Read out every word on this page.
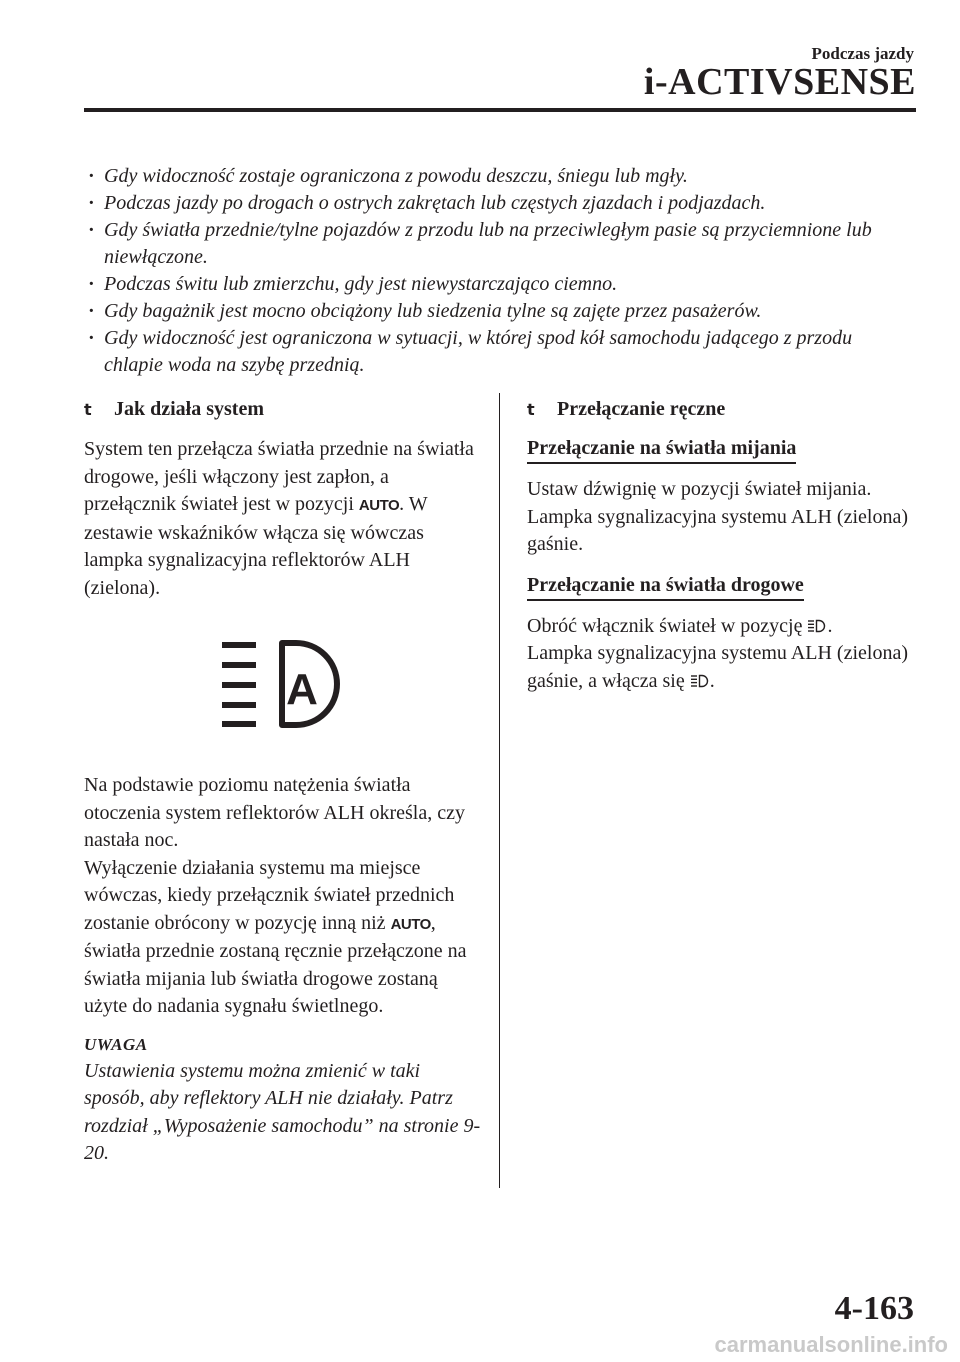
Podczas jazdy
i-ACTIVSENSE
· Gdy widoczność zostaje ograniczona z powodu deszczu, śniegu lub mgły.
· Podczas jazdy po drogach o ostrych zakrętach lub częstych zjazdach i podjazdach.
· Gdy światła przednie/tylne pojazdów z przodu lub na przeciwległym pasie są przyciemnione lub niewłączone.
· Podczas świtu lub zmierzchu, gdy jest niewystarczająco ciemno.
· Gdy bagażnik jest mocno obciążony lub siedzenia tylne są zajęte przez pasażerów.
· Gdy widoczność jest ograniczona w sytuacji, w której spod kół samochodu jadącego z przodu chlapie woda na szybę przednią.
t Jak działa system

System ten przełącza światła przednie na światła drogowe, jeśli włączony jest zapłon, a przełącznik świateł jest w pozycji AUTO. W zestawie wskaźników włącza się wówczas lampka sygnalizacyjna reflektorów ALH (zielona).

A

Na podstawie poziomu natężenia światła otoczenia system reflektorów ALH określa, czy nastała noc.

Wyłączenie działania systemu ma miejsce wówczas, kiedy przełącznik świateł przednich zostanie obrócony w pozycję inną niż AUTO, światła przednie zostaną ręcznie przełączone na światła mijania lub światła drogowe zostaną użyte do nadania sygnału świetlnego.

UWAGA
Ustawienia systemu można zmienić w taki sposób, aby reflektory ALH nie działały. Patrz rozdział „Wyposażenie samochodu” na stronie 9-20.
t Przełączanie ręczne
Przełączanie na światła mijania

Ustaw dźwignię w pozycji świateł mijania. Lampka sygnalizacyjna systemu ALH (zielona) gaśnie.

Przełączanie na światła drogowe

Obróć włącznik świateł w pozycję .
Lampka sygnalizacyjna systemu ALH (zielona) gaśnie, a włącza się .

4-163
carmanualsonline.info
